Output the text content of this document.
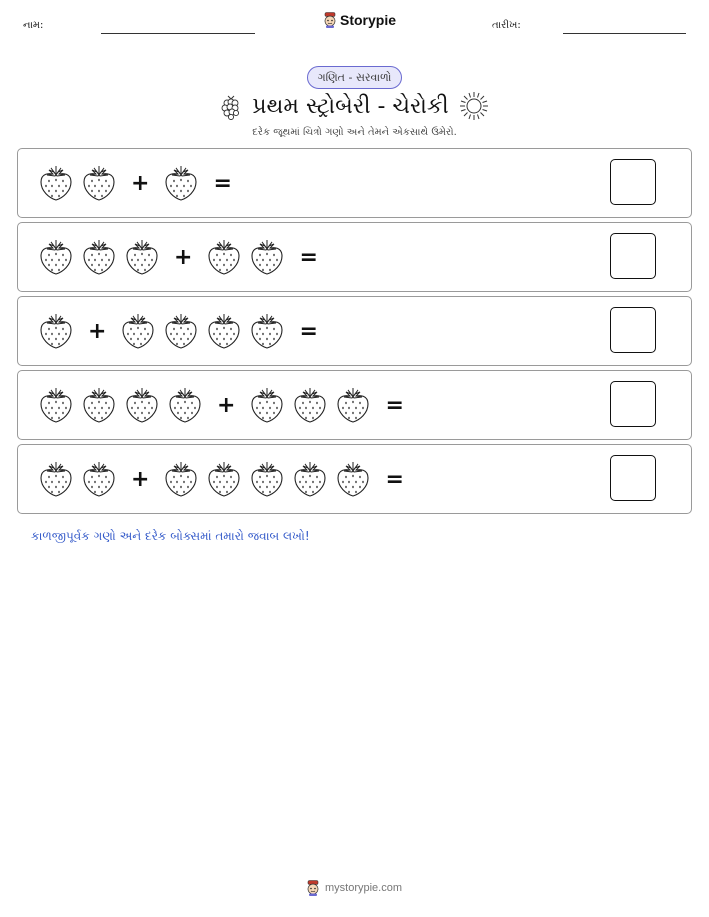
નામ:	Storypie	તારીખ:
ગણિત - સરવાળો
પ્રથમ સ્ટ્રોબેરી - ચેરોકી
દરેક જૂથમાં ચિત્રો ગણો અને તેમને એકસાથે ઉમેરો.
+	=
+	=
+	=
+	=
+	=
કાળજીપૂર્વક ગણો અને દરેક બોક્સમાં તમારો જવાબ લખો!
mystorypie.com
